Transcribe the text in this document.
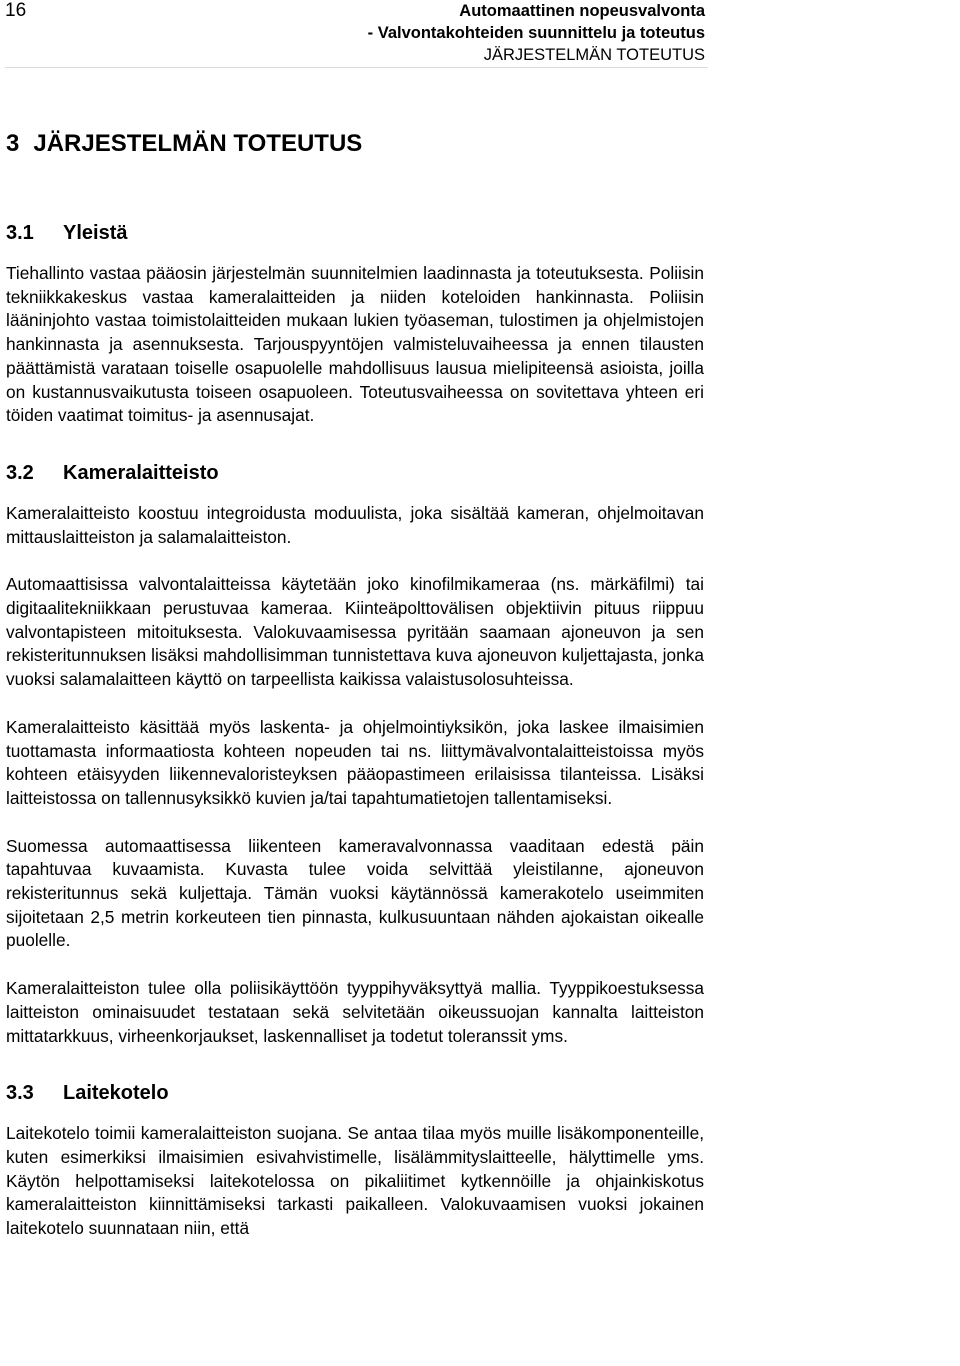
16	Automaattinen nopeusvalvonta
- Valvontakohteiden suunnittelu ja toteutus
JÄRJESTELMÄN TOTEUTUS
3 JÄRJESTELMÄN TOTEUTUS
3.1 Yleistä

Tiehallinto vastaa pääosin järjestelmän suunnitelmien laadinnasta ja toteutuksesta. Poliisin tekniikkakeskus vastaa kameralaitteiden ja niiden koteloiden hankinnasta. Poliisin lääninjohto vastaa toimistolaitteiden mukaan lukien työaseman, tulostimen ja ohjelmistojen hankinnasta ja asennuksesta. Tarjouspyyntöjen valmisteluvaiheessa ja ennen tilausten päättämistä varataan toiselle osapuolelle mahdollisuus lausua mielipiteensä asioista, joilla on kustannusvaikutusta toiseen osapuoleen. Toteutusvaiheessa on sovitettava yhteen eri töiden vaatimat toimitus- ja asennusajat.

3.2 Kameralaitteisto

Kameralaitteisto koostuu integroidusta moduulista, joka sisältää kameran, ohjelmoitavan mittauslaitteiston ja salamalaitteiston.

Automaattisissa valvontalaitteissa käytetään joko kinofilmikameraa (ns. märkäfilmi) tai digitaalitekniikkaan perustuvaa kameraa. Kiinteäpolttovälisen objektiivin pituus riippuu valvontapisteen mitoituksesta. Valokuvaamisessa pyritään saamaan ajoneuvon ja sen rekisteritunnuksen lisäksi mahdollisimman tunnistettava kuva ajoneuvon kuljettajasta, jonka vuoksi salamalaitteen käyttö on tarpeellista kaikissa valaistusolosuhteissa.

Kameralaitteisto käsittää myös laskenta- ja ohjelmointiyksikön, joka laskee ilmaisimien tuottamasta informaatiosta kohteen nopeuden tai ns. liittymävalvontalaitteistoissa myös kohteen etäisyyden liikennevaloristeyksen pääopastimeen erilaisissa tilanteissa. Lisäksi laitteistossa on tallennusyksikkö kuvien ja/tai tapahtumatietojen tallentamiseksi.

Suomessa automaattisessa liikenteen kameravalvonnassa vaaditaan edestä päin tapahtuvaa kuvaamista. Kuvasta tulee voida selvittää yleistilanne, ajoneuvon rekisteritunnus sekä kuljettaja. Tämän vuoksi käytännössä kamerakotelo useimmiten sijoitetaan 2,5 metrin korkeuteen tien pinnasta, kulkusuuntaan nähden ajokaistan oikealle puolelle.

Kameralaitteiston tulee olla poliisikäyttöön tyyppihyväksyttyä mallia. Tyyppikoestuksessa laitteiston ominaisuudet testataan sekä selvitetään oikeussuojan kannalta laitteiston mittatarkkuus, virheenkorjaukset, laskennalliset ja todetut toleranssit yms.

3.3 Laitekotelo

Laitekotelo toimii kameralaitteiston suojana. Se antaa tilaa myös muille lisäkomponenteille, kuten esimerkiksi ilmaisimien esivahvistimelle, lisälämmityslaitteelle, hälyttimelle yms. Käytön helpottamiseksi laitekotelossa on pikaliitimet kytkennöille ja ohjainkiskotus kameralaitteiston kiinnittämiseksi tarkasti paikalleen. Valokuvaamisen vuoksi jokainen laitekotelo suunnataan niin, että
